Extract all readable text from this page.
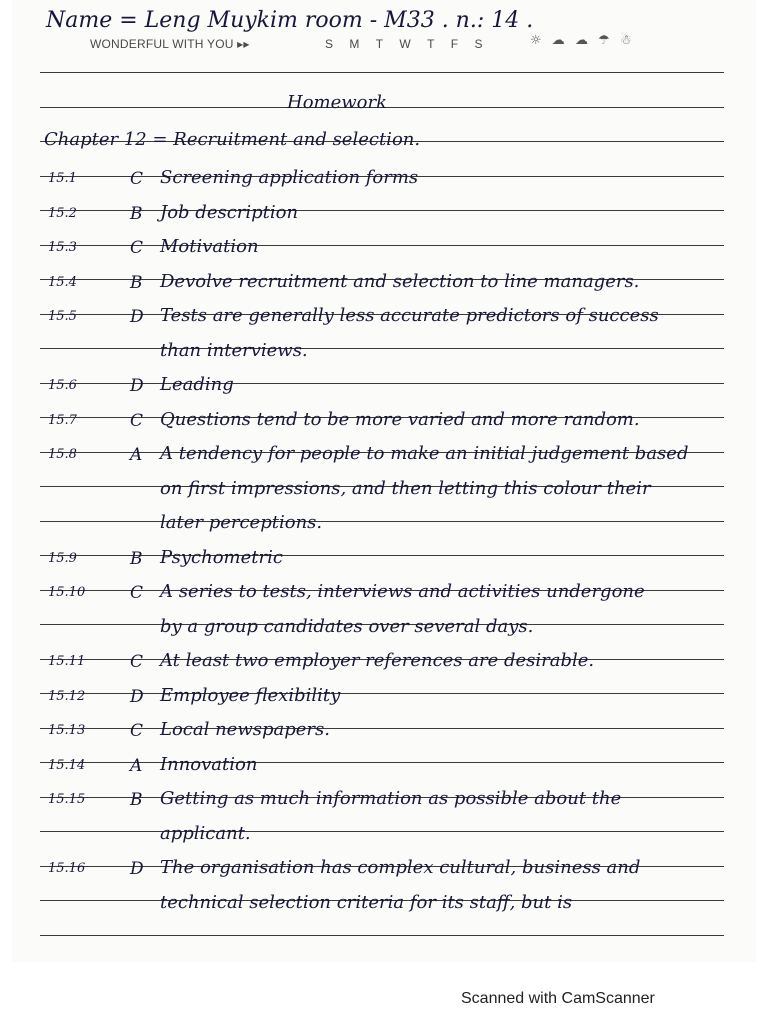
Name = Leng Muykim room - M33 . n.: 14 .
WONDERFUL WITH YOU ▸▸	S M T W T F S	☼ ☁ ☁ ☂ ☃
Homework
Chapter 12 = Recruitment and selection.
15.1	C Screening application forms
15.2	B Job description
15.3	C Motivation
15.4	B Devolve recruitment and selection to line managers.
15.5	D Tests are generally less accurate predictors of success
than interviews.
15.6	D Leading
15.7	C Questions tend to be more varied and more random.
15.8	A A tendency for people to make an initial judgement based
on first impressions, and then letting this colour their
later perceptions.
15.9	B Psychometric
15.10	C A series to tests, interviews and activities undergone
by a group candidates over several days.
15.11	C At least two employer references are desirable.
15.12	D Employee flexibility
15.13	C Local newspapers.
15.14	A Innovation
15.15	B Getting as much information as possible about the
applicant.
15.16	D The organisation has complex cultural, business and
technical selection criteria for its staff, but is
Scanned with CamScanner
